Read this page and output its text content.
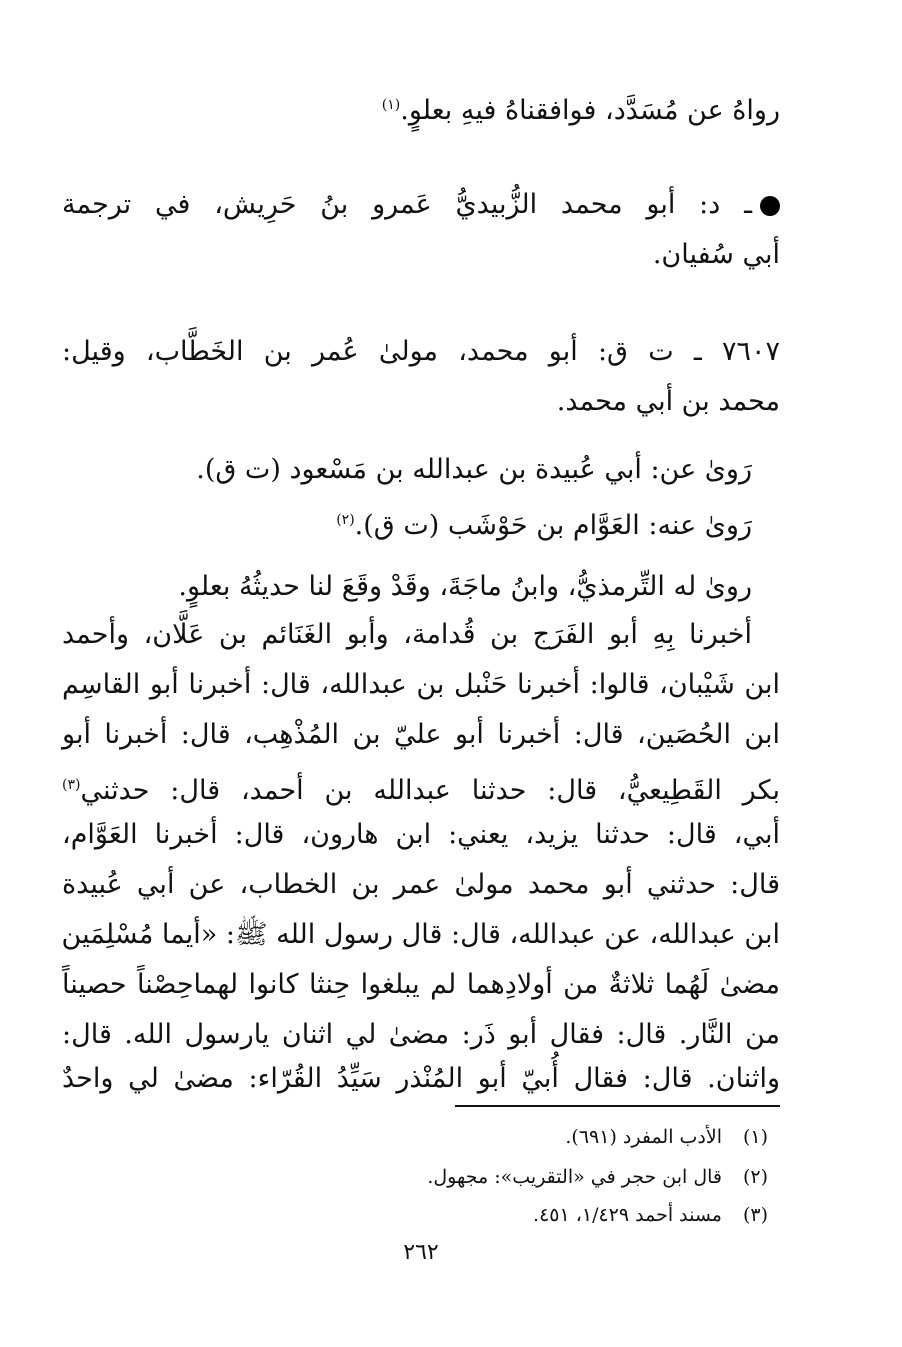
رواهُ عن مُسَدَّد، فوافقناهُ فيهِ بعلوٍ.$^{(١)}$
ـ د: أبو محمد الزُّبيديُّ عَمرو بنُ حَرِيش، في ترجمة
أبي سُفيان.
٧٦٠٧ ـ ت ق: أبو محمد، مولىٰ عُمر بن الخَطَّاب، وقيل:
محمد بن أبي محمد.
رَوىٰ عن: أبي عُبيدة بن عبدالله بن مَسْعود (ت ق).
رَوىٰ عنه: العَوَّام بن حَوْشَب (ت ق).$^{(٢)}$
روىٰ له التِّرمذيُّ، وابنُ ماجَةَ، وقَدْ وقَعَ لنا حديثُهُ بعلوٍ.
أخبرنا بِهِ أبو الفَرَج بن قُدامة، وأبو الغَنَائم بن عَلَّان، وأحمد
ابن شَيْبان، قالوا: أخبرنا حَنْبل بن عبدالله، قال: أخبرنا أبو القاسِم
ابن الحُصَين، قال: أخبرنا أبو عليّ بن المُذْهِب، قال: أخبرنا أبو
بكر القَطِيعيُّ، قال: حدثنا عبدالله بن أحمد، قال: حدثني$^{(٣)}$
أبي، قال: حدثنا يزيد، يعني: ابن هارون، قال: أخبرنا العَوَّام،
قال: حدثني أبو محمد مولىٰ عمر بن الخطاب، عن أبي عُبيدة
ابن عبدالله، عن عبدالله، قال: قال رسول الله ﷺ: «أيما مُسْلِمَين
مضىٰ لَهُما ثلاثةٌ من أولادِهما لم يبلغوا حِنثا كانوا لهماحِصْناً حصيناً
من النَّار. قال: فقال أبو ذَر: مضىٰ لي اثنان يارسول الله. قال:
واثنان. قال: فقال أُبيّ أبو المُنْذر سَيِّدُ القُرّاء: مضىٰ لي واحدٌ
(١)الأدب المفرد (٦٩١).
(٢)قال ابن حجر في «التقريب»: مجهول.
(٣)مسند أحمد ١/٤٢٩، ٤٥١.
٢٦٢
